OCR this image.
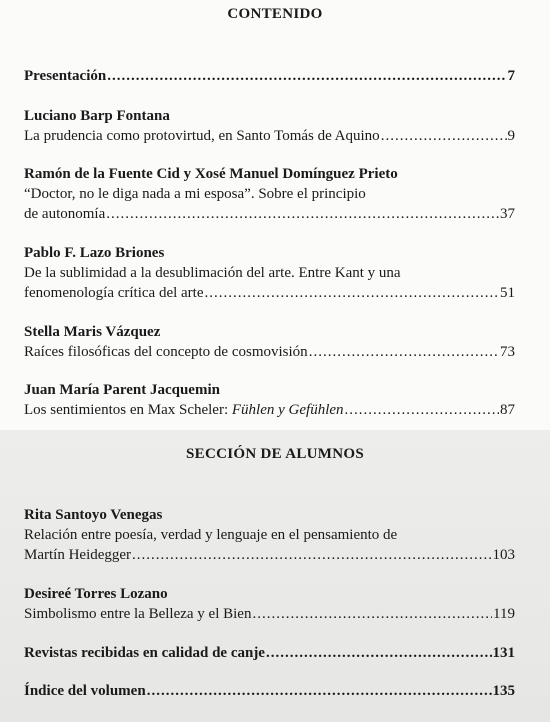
CONTENIDO
Presentación .....	7
Luciano Barp Fontana
La prudencia como protovirtud, en Santo Tomás de Aquino .....	9
Ramón de la Fuente Cid y Xosé Manuel Domínguez Prieto
“Doctor, no le diga nada a mi esposa”. Sobre el principio
de autonomía .....	37
Pablo F. Lazo Briones
De la sublimidad a la desublimación del arte. Entre Kant y una
fenomenología crítica del arte .....	51
Stella Maris Vázquez
Raíces filosóficas del concepto de cosmovisión .....	73
Juan María Parent Jacquemin
Los sentimientos en Max Scheler: Fühlen y Gefühlen .....	87
SECCIÓN DE ALUMNOS
Rita Santoyo Venegas
Relación entre poesía, verdad y lenguaje en el pensamiento de
Martín Heidegger .....	103
Desireé Torres Lozano
Simbolismo entre la Belleza y el Bien .....	119
Revistas recibidas en calidad de canje .....	131
Índice del volumen .....	135
